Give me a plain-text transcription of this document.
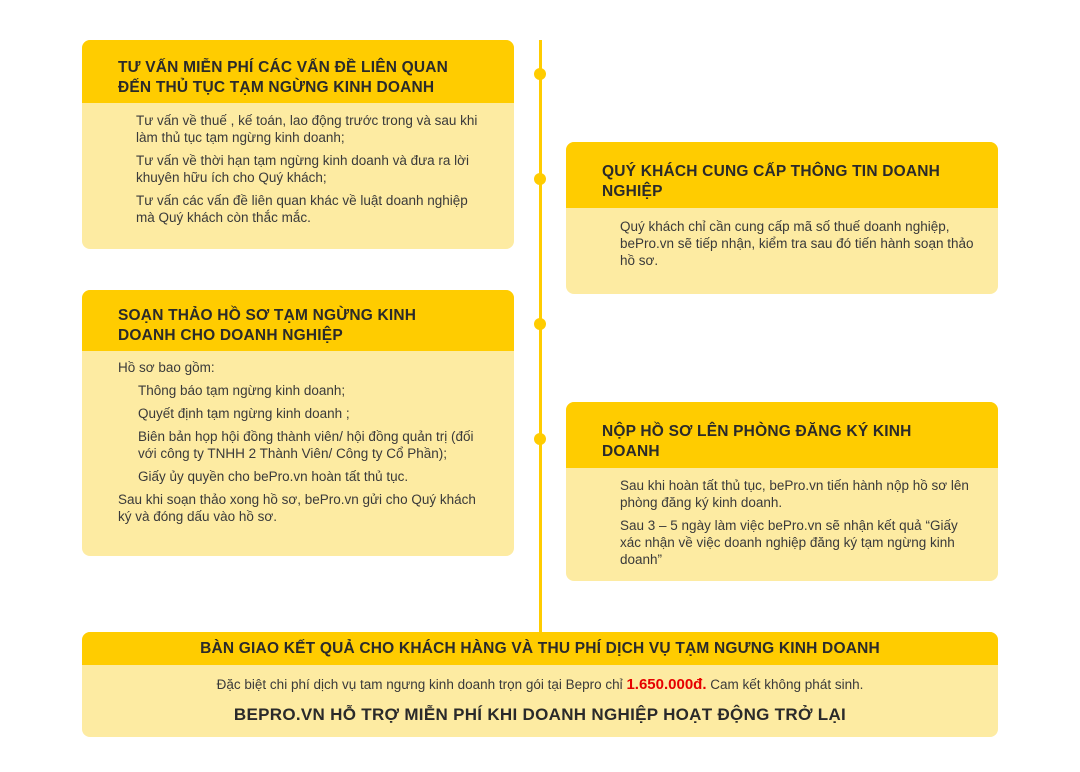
TƯ VẤN MIỄN PHÍ CÁC VẤN ĐỀ LIÊN QUAN
ĐẾN THỦ TỤC TẠM NGỪNG KINH DOANH

Tư vấn về thuế , kế toán, lao động trước trong và sau khi làm thủ tục tạm ngừng kinh doanh;

Tư vấn về thời hạn tạm ngừng kinh doanh và đưa ra lời khuyên hữu ích cho Quý khách;

Tư vấn các vấn đề liên quan khác về luật doanh nghiệp mà Quý khách còn thắc mắc.

QUÝ KHÁCH CUNG CẤP THÔNG TIN DOANH
NGHIỆP

Quý khách chỉ cần cung cấp mã số thuế doanh nghiệp, bePro.vn sẽ tiếp nhận, kiểm tra sau đó tiến hành soạn thảo hồ sơ.

SOẠN THẢO HỒ SƠ TẠM NGỪNG KINH
DOANH CHO DOANH NGHIỆP

Hồ sơ bao gồm:

Thông báo tạm ngừng kinh doanh;

Quyết định tạm ngừng kinh doanh ;

Biên bản họp hội đồng thành viên/ hội đồng quản trị (đối với công ty TNHH 2 Thành Viên/ Công ty Cổ Phần);

Giấy ủy quyền cho bePro.vn hoàn tất thủ tục.

Sau khi soạn thảo xong hồ sơ, bePro.vn gửi cho Quý khách ký và đóng dấu vào hồ sơ.

NỘP HỒ SƠ LÊN PHÒNG ĐĂNG KÝ KINH
DOANH

Sau khi hoàn tất thủ tục, bePro.vn tiến hành nộp hồ sơ lên phòng đăng ký kinh doanh.

Sau 3 – 5 ngày làm việc bePro.vn sẽ nhận kết quả “Giấy xác nhận về việc doanh nghiệp đăng ký tạm ngừng kinh doanh”

BÀN GIAO KẾT QUẢ CHO KHÁCH HÀNG VÀ THU PHÍ DỊCH VỤ TẠM NGƯNG KINH DOANH
Đặc biệt chi phí dịch vụ tam ngưng kinh doanh trọn gói tại Bepro chỉ 1.650.000đ. Cam kết không phát sinh.
BEPRO.VN HỖ TRỢ MIỄN PHÍ KHI DOANH NGHIỆP HOẠT ĐỘNG TRỞ LẠI
